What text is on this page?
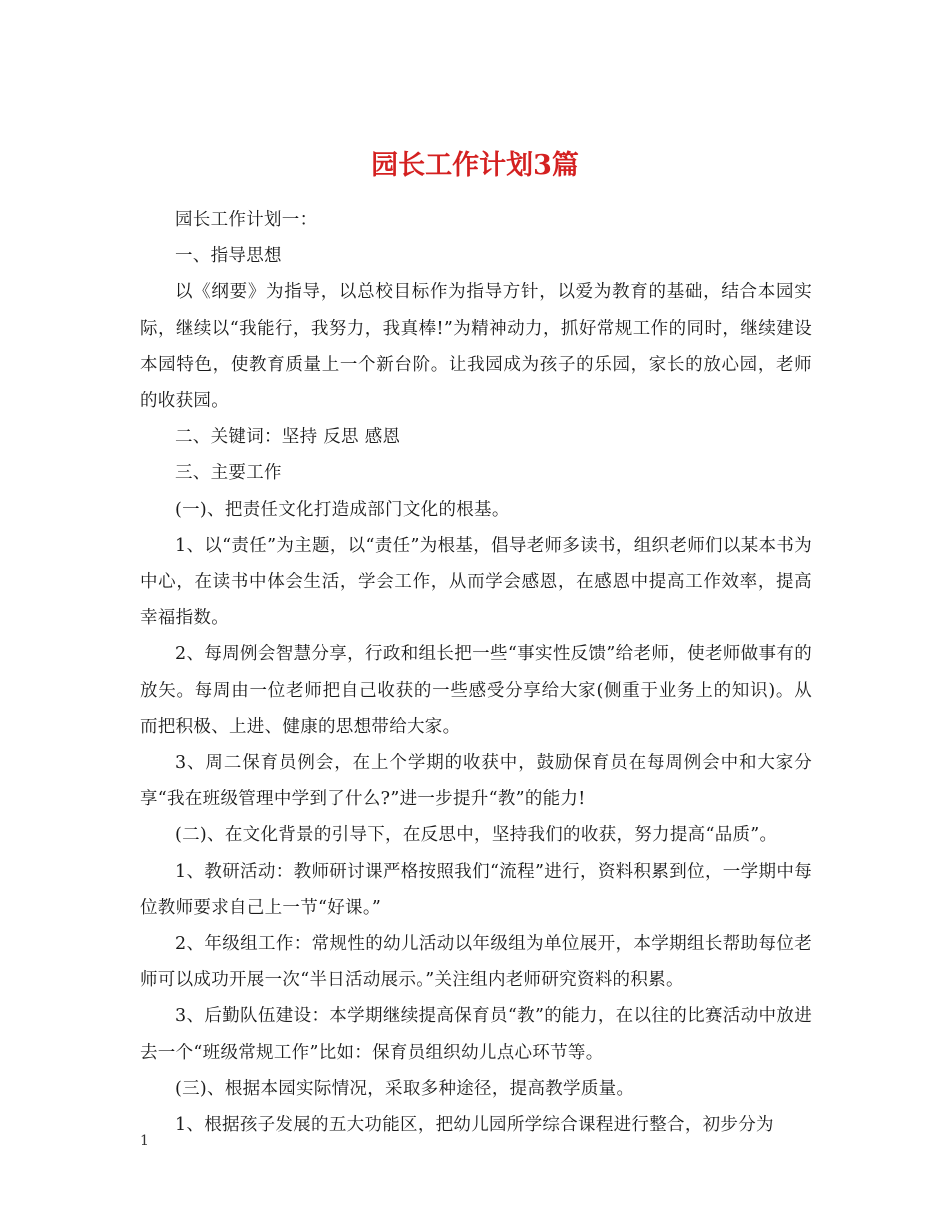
园长工作计划3篇

园长工作计划一：

一、指导思想

以《纲要》为指导，以总校目标作为指导方针，以爱为教育的基础，结合本园实际，继续以“我能行，我努力，我真棒!”为精神动力，抓好常规工作的同时，继续建设本园特色，使教育质量上一个新台阶。让我园成为孩子的乐园，家长的放心园，老师的收获园。

二、关键词：坚持 反思 感恩

三、主要工作

(一)、把责任文化打造成部门文化的根基。

1、以“责任”为主题，以“责任”为根基，倡导老师多读书，组织老师们以某本书为中心，在读书中体会生活，学会工作，从而学会感恩，在感恩中提高工作效率，提高幸福指数。

2、每周例会智慧分享，行政和组长把一些“事实性反馈”给老师，使老师做事有的放矢。每周由一位老师把自己收获的一些感受分享给大家(侧重于业务上的知识)。从而把积极、上进、健康的思想带给大家。

3、周二保育员例会，在上个学期的收获中，鼓励保育员在每周例会中和大家分享“我在班级管理中学到了什么?”进一步提升“教”的能力!

(二)、在文化背景的引导下，在反思中，坚持我们的收获，努力提高“品质”。

1、教研活动：教师研讨课严格按照我们“流程”进行，资料积累到位，一学期中每位教师要求自己上一节“好课。”

2、年级组工作：常规性的幼儿活动以年级组为单位展开，本学期组长帮助每位老师可以成功开展一次“半日活动展示。”关注组内老师研究资料的积累。

3、后勤队伍建设：本学期继续提高保育员“教”的能力，在以往的比赛活动中放进去一个“班级常规工作”比如：保育员组织幼儿点心环节等。

(三)、根据本园实际情况，采取多种途径，提高教学质量。

1、根据孩子发展的五大功能区，把幼儿园所学综合课程进行整合，初步分为

1
